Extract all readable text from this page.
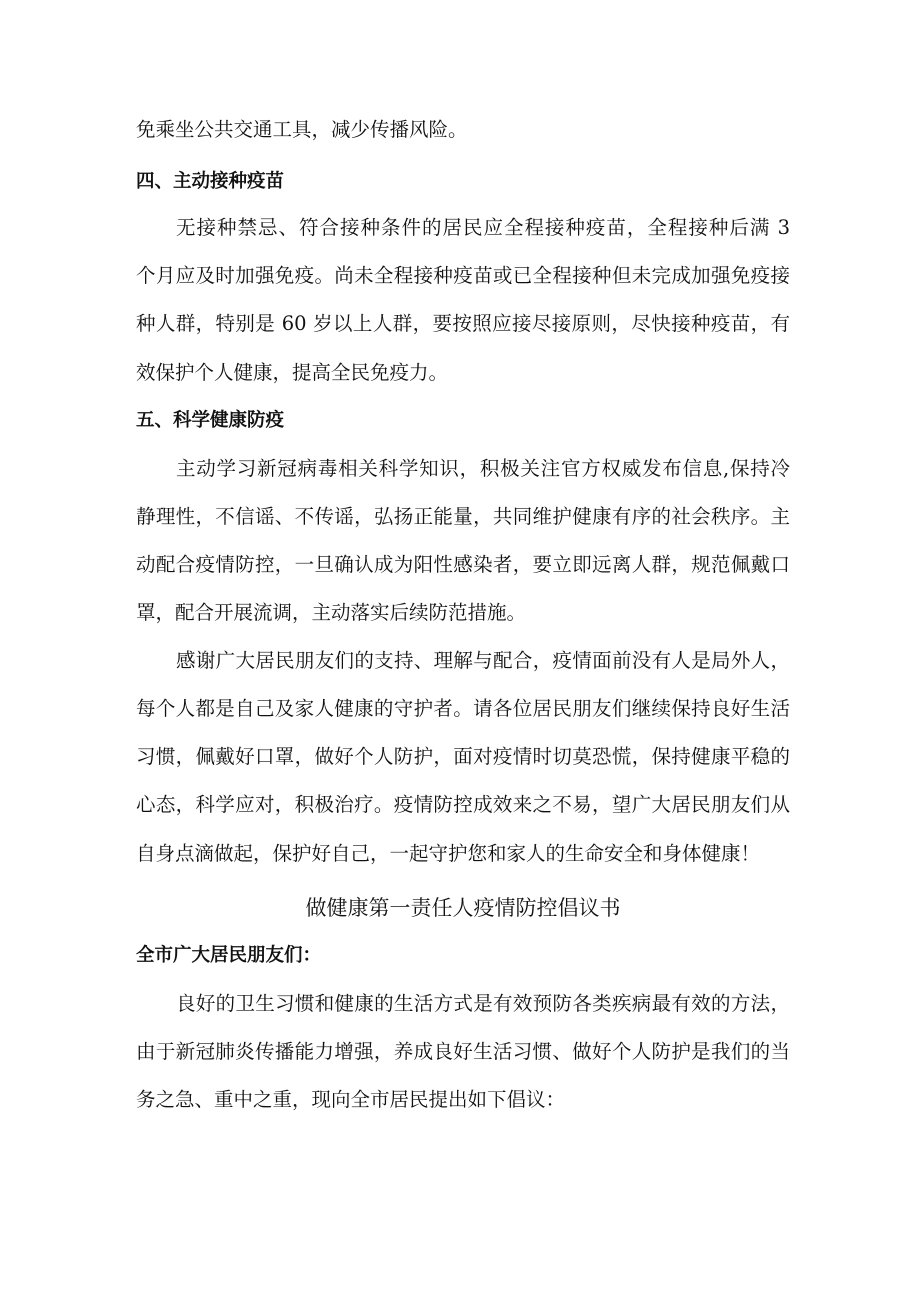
免乘坐公共交通工具，减少传播风险。
四、主动接种疫苗
无接种禁忌、符合接种条件的居民应全程接种疫苗，全程接种后满 3
个月应及时加强免疫。尚未全程接种疫苗或已全程接种但未完成加强免疫接
种人群，特别是 60 岁以上人群，要按照应接尽接原则，尽快接种疫苗，有
效保护个人健康，提高全民免疫力。
五、科学健康防疫
主动学习新冠病毒相关科学知识，积极关注官方权威发布信息,保持冷
静理性，不信谣、不传谣，弘扬正能量，共同维护健康有序的社会秩序。主
动配合疫情防控，一旦确认成为阳性感染者，要立即远离人群，规范佩戴口
罩，配合开展流调，主动落实后续防范措施。
感谢广大居民朋友们的支持、理解与配合，疫情面前没有人是局外人，
每个人都是自己及家人健康的守护者。请各位居民朋友们继续保持良好生活
习惯，佩戴好口罩，做好个人防护，面对疫情时切莫恐慌，保持健康平稳的
心态，科学应对，积极治疗。疫情防控成效来之不易，望广大居民朋友们从
自身点滴做起，保护好自己，一起守护您和家人的生命安全和身体健康！
做健康第一责任人疫情防控倡议书
全市广大居民朋友们：
良好的卫生习惯和健康的生活方式是有效预防各类疾病最有效的方法，
由于新冠肺炎传播能力增强，养成良好生活习惯、做好个人防护是我们的当
务之急、重中之重，现向全市居民提出如下倡议：
